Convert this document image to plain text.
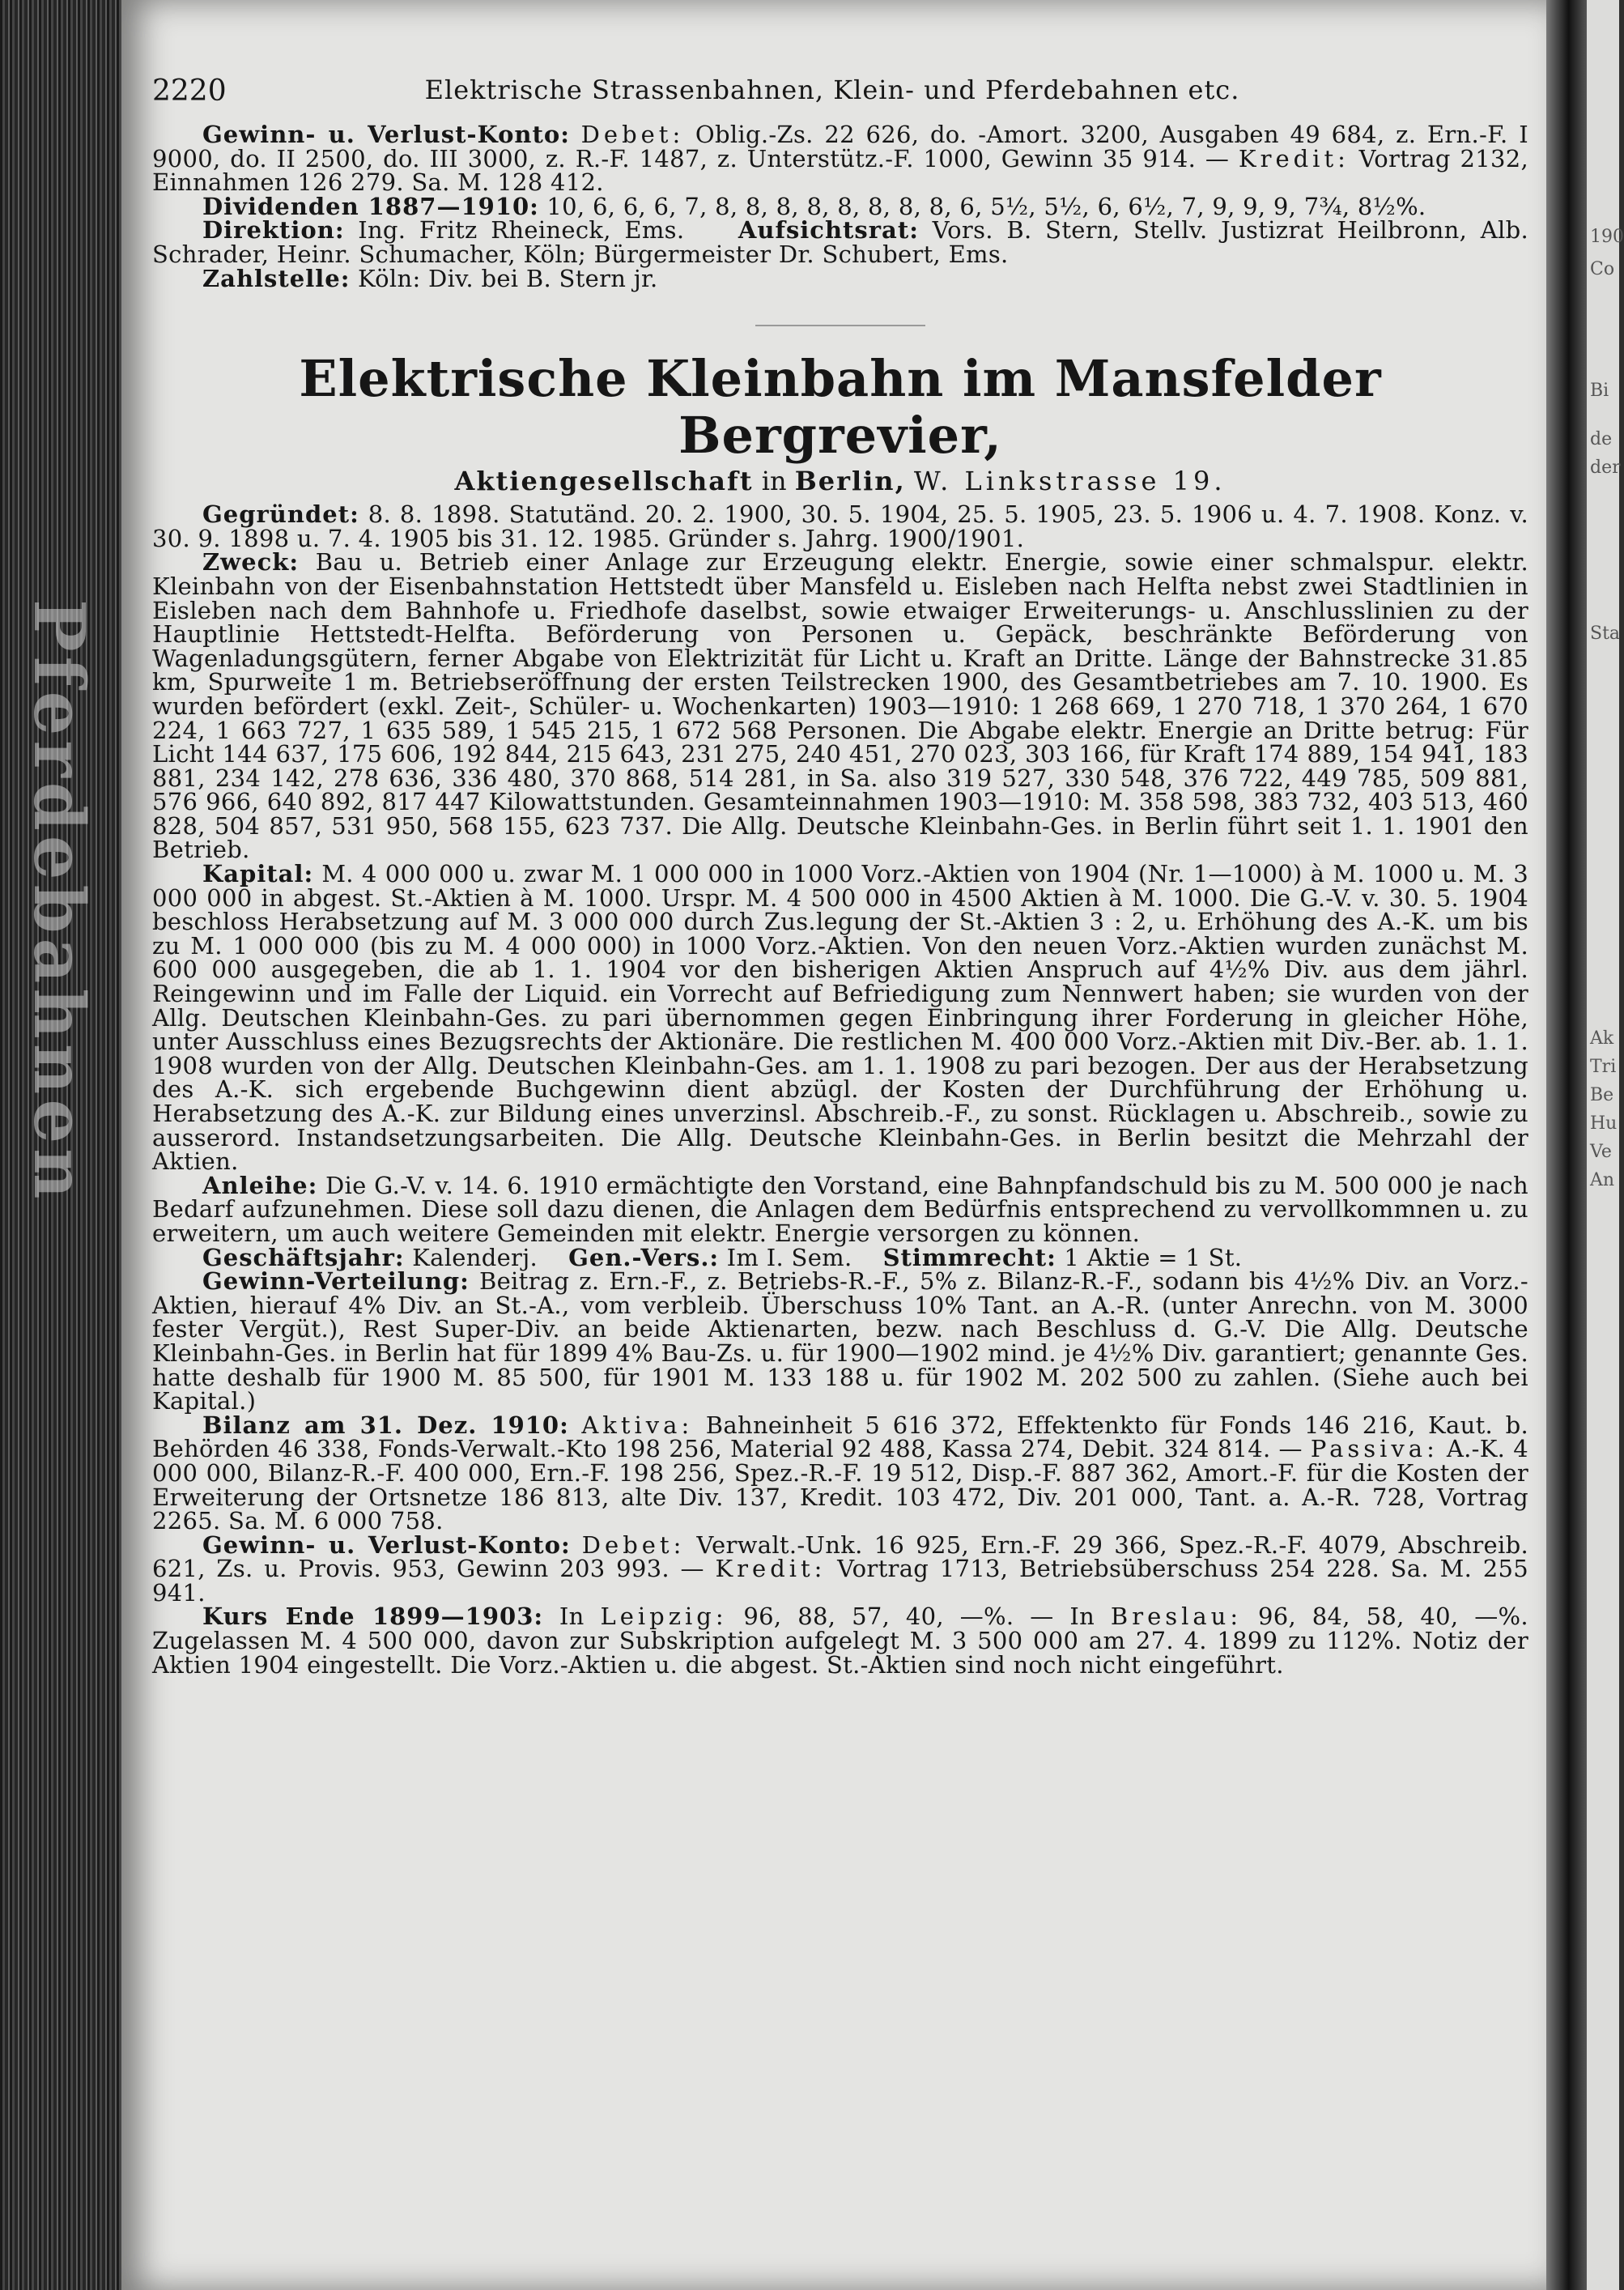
Pferdebahnen
190
Co
Bi
de
der
Sta
Ak
Tri
Be
Hu
Ve
An
2220	Elektrische Strassenbahnen, Klein- und Pferdebahnen etc.

Gewinn- u. Verlust-Konto: Debet: Oblig.-Zs. 22 626, do. -Amort. 3200, Ausgaben 49 684, z. Ern.-F. I 9000, do. II 2500, do. III 3000, z. R.-F. 1487, z. Unterstütz.-F. 1000, Gewinn 35 914. — Kredit: Vortrag 2132, Einnahmen 126 279. Sa. M. 128 412.

Dividenden 1887—1910: 10, 6, 6, 6, 7, 8, 8, 8, 8, 8, 8, 8, 8, 6, 5½, 5½, 6, 6½, 7, 9, 9, 9, 7¾, 8½%.

Direktion: Ing. Fritz Rheineck, Ems. Aufsichtsrat: Vors. B. Stern, Stellv. Justizrat Heilbronn, Alb. Schrader, Heinr. Schumacher, Köln; Bürgermeister Dr. Schubert, Ems.

Zahlstelle: Köln: Div. bei B. Stern jr.

Elektrische Kleinbahn im Mansfelder Bergrevier,
Aktiengesellschaft in Berlin, W. Linkstrasse 19.

Gegründet: 8. 8. 1898. Statutänd. 20. 2. 1900, 30. 5. 1904, 25. 5. 1905, 23. 5. 1906 u. 4. 7. 1908. Konz. v. 30. 9. 1898 u. 7. 4. 1905 bis 31. 12. 1985. Gründer s. Jahrg. 1900/1901.

Zweck: Bau u. Betrieb einer Anlage zur Erzeugung elektr. Energie, sowie einer schmalspur. elektr. Kleinbahn von der Eisenbahnstation Hettstedt über Mansfeld u. Eisleben nach Helfta nebst zwei Stadtlinien in Eisleben nach dem Bahnhofe u. Friedhofe daselbst, sowie etwaiger Erweiterungs- u. Anschlusslinien zu der Hauptlinie Hettstedt-Helfta. Beförderung von Personen u. Gepäck, beschränkte Beförderung von Wagenladungsgütern, ferner Abgabe von Elektrizität für Licht u. Kraft an Dritte. Länge der Bahnstrecke 31.85 km, Spurweite 1 m. Betriebseröffnung der ersten Teilstrecken 1900, des Gesamtbetriebes am 7. 10. 1900. Es wurden befördert (exkl. Zeit-, Schüler- u. Wochenkarten) 1903—1910: 1 268 669, 1 270 718, 1 370 264, 1 670 224, 1 663 727, 1 635 589, 1 545 215, 1 672 568 Personen. Die Abgabe elektr. Energie an Dritte betrug: Für Licht 144 637, 175 606, 192 844, 215 643, 231 275, 240 451, 270 023, 303 166, für Kraft 174 889, 154 941, 183 881, 234 142, 278 636, 336 480, 370 868, 514 281, in Sa. also 319 527, 330 548, 376 722, 449 785, 509 881, 576 966, 640 892, 817 447 Kilowattstunden. Gesamteinnahmen 1903—1910: M. 358 598, 383 732, 403 513, 460 828, 504 857, 531 950, 568 155, 623 737. Die Allg. Deutsche Kleinbahn-Ges. in Berlin führt seit 1. 1. 1901 den Betrieb.

Kapital: M. 4 000 000 u. zwar M. 1 000 000 in 1000 Vorz.-Aktien von 1904 (Nr. 1—1000) à M. 1000 u. M. 3 000 000 in abgest. St.-Aktien à M. 1000. Urspr. M. 4 500 000 in 4500 Aktien à M. 1000. Die G.-V. v. 30. 5. 1904 beschloss Herabsetzung auf M. 3 000 000 durch Zus.legung der St.-Aktien 3 : 2, u. Erhöhung des A.-K. um bis zu M. 1 000 000 (bis zu M. 4 000 000) in 1000 Vorz.-Aktien. Von den neuen Vorz.-Aktien wurden zunächst M. 600 000 ausgegeben, die ab 1. 1. 1904 vor den bisherigen Aktien Anspruch auf 4½% Div. aus dem jährl. Reingewinn und im Falle der Liquid. ein Vorrecht auf Befriedigung zum Nennwert haben; sie wurden von der Allg. Deutschen Kleinbahn-Ges. zu pari übernommen gegen Einbringung ihrer Forderung in gleicher Höhe, unter Ausschluss eines Bezugsrechts der Aktionäre. Die restlichen M. 400 000 Vorz.-Aktien mit Div.-Ber. ab. 1. 1. 1908 wurden von der Allg. Deutschen Kleinbahn-Ges. am 1. 1. 1908 zu pari bezogen. Der aus der Herabsetzung des A.-K. sich ergebende Buchgewinn dient abzügl. der Kosten der Durchführung der Erhöhung u. Herabsetzung des A.-K. zur Bildung eines unverzinsl. Abschreib.-F., zu sonst. Rücklagen u. Abschreib., sowie zu ausserord. Instandsetzungsarbeiten. Die Allg. Deutsche Kleinbahn-Ges. in Berlin besitzt die Mehrzahl der Aktien.

Anleihe: Die G.-V. v. 14. 6. 1910 ermächtigte den Vorstand, eine Bahnpfandschuld bis zu M. 500 000 je nach Bedarf aufzunehmen. Diese soll dazu dienen, die Anlagen dem Bedürfnis entsprechend zu vervollkommnen u. zu erweitern, um auch weitere Gemeinden mit elektr. Energie versorgen zu können.

Geschäftsjahr: Kalenderj. Gen.-Vers.: Im I. Sem. Stimmrecht: 1 Aktie = 1 St.

Gewinn-Verteilung: Beitrag z. Ern.-F., z. Betriebs-R.-F., 5% z. Bilanz-R.-F., sodann bis 4½% Div. an Vorz.-Aktien, hierauf 4% Div. an St.-A., vom verbleib. Überschuss 10% Tant. an A.-R. (unter Anrechn. von M. 3000 fester Vergüt.), Rest Super-Div. an beide Aktienarten, bezw. nach Beschluss d. G.-V. Die Allg. Deutsche Kleinbahn-Ges. in Berlin hat für 1899 4% Bau-Zs. u. für 1900—1902 mind. je 4½% Div. garantiert; genannte Ges. hatte deshalb für 1900 M. 85 500, für 1901 M. 133 188 u. für 1902 M. 202 500 zu zahlen. (Siehe auch bei Kapital.)

Bilanz am 31. Dez. 1910: Aktiva: Bahneinheit 5 616 372, Effektenkto für Fonds 146 216, Kaut. b. Behörden 46 338, Fonds-Verwalt.-Kto 198 256, Material 92 488, Kassa 274, Debit. 324 814. — Passiva: A.-K. 4 000 000, Bilanz-R.-F. 400 000, Ern.-F. 198 256, Spez.-R.-F. 19 512, Disp.-F. 887 362, Amort.-F. für die Kosten der Erweiterung der Ortsnetze 186 813, alte Div. 137, Kredit. 103 472, Div. 201 000, Tant. a. A.-R. 728, Vortrag 2265. Sa. M. 6 000 758.

Gewinn- u. Verlust-Konto: Debet: Verwalt.-Unk. 16 925, Ern.-F. 29 366, Spez.-R.-F. 4079, Abschreib. 621, Zs. u. Provis. 953, Gewinn 203 993. — Kredit: Vortrag 1713, Betriebsüberschuss 254 228. Sa. M. 255 941.

Kurs Ende 1899—1903: In Leipzig: 96, 88, 57, 40, —%. — In Breslau: 96, 84, 58, 40, —%. Zugelassen M. 4 500 000, davon zur Subskription aufgelegt M. 3 500 000 am 27. 4. 1899 zu 112%. Notiz der Aktien 1904 eingestellt. Die Vorz.-Aktien u. die abgest. St.-Aktien sind noch nicht eingeführt.
